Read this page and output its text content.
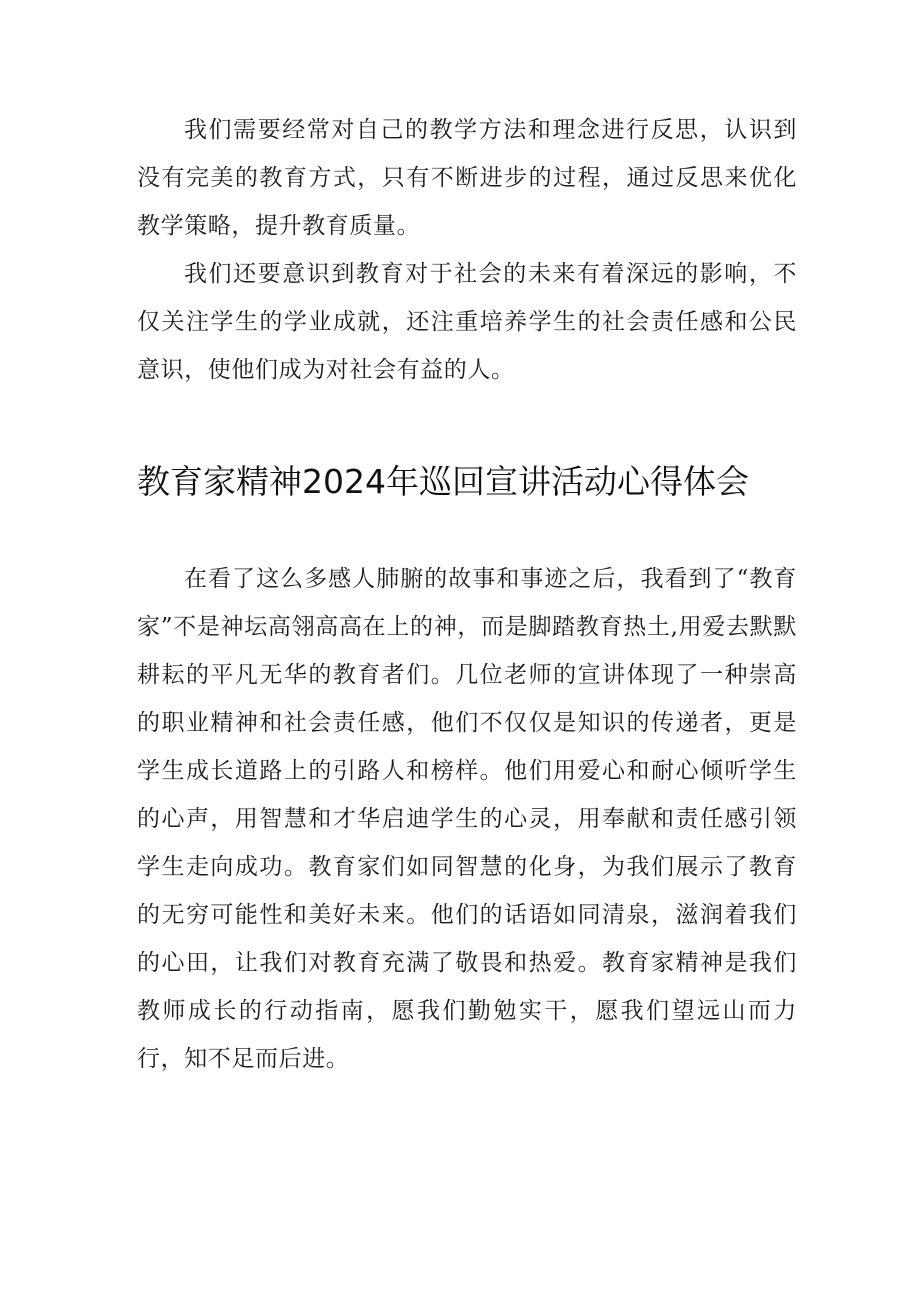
我们需要经常对自己的教学方法和理念进行反思，认识到没有完美的教育方式，只有不断进步的过程，通过反思来优化教学策略，提升教育质量。

我们还要意识到教育对于社会的未来有着深远的影响，不仅关注学生的学业成就，还注重培养学生的社会责任感和公民意识，使他们成为对社会有益的人。

教育家精神2024年巡回宣讲活动心得体会

在看了这么多感人肺腑的故事和事迹之后，我看到了“教育家”不是神坛高翎高高在上的神，而是脚踏教育热土,用爱去默默耕耘的平凡无华的教育者们。几位老师的宣讲体现了一种崇高的职业精神和社会责任感，他们不仅仅是知识的传递者，更是学生成长道路上的引路人和榜样。他们用爱心和耐心倾听学生的心声，用智慧和才华启迪学生的心灵，用奉献和责任感引领学生走向成功。教育家们如同智慧的化身，为我们展示了教育的无穷可能性和美好未来。他们的话语如同清泉，滋润着我们的心田，让我们对教育充满了敬畏和热爱。教育家精神是我们教师成长的行动指南，愿我们勤勉实干，愿我们望远山而力行，知不足而后进。
